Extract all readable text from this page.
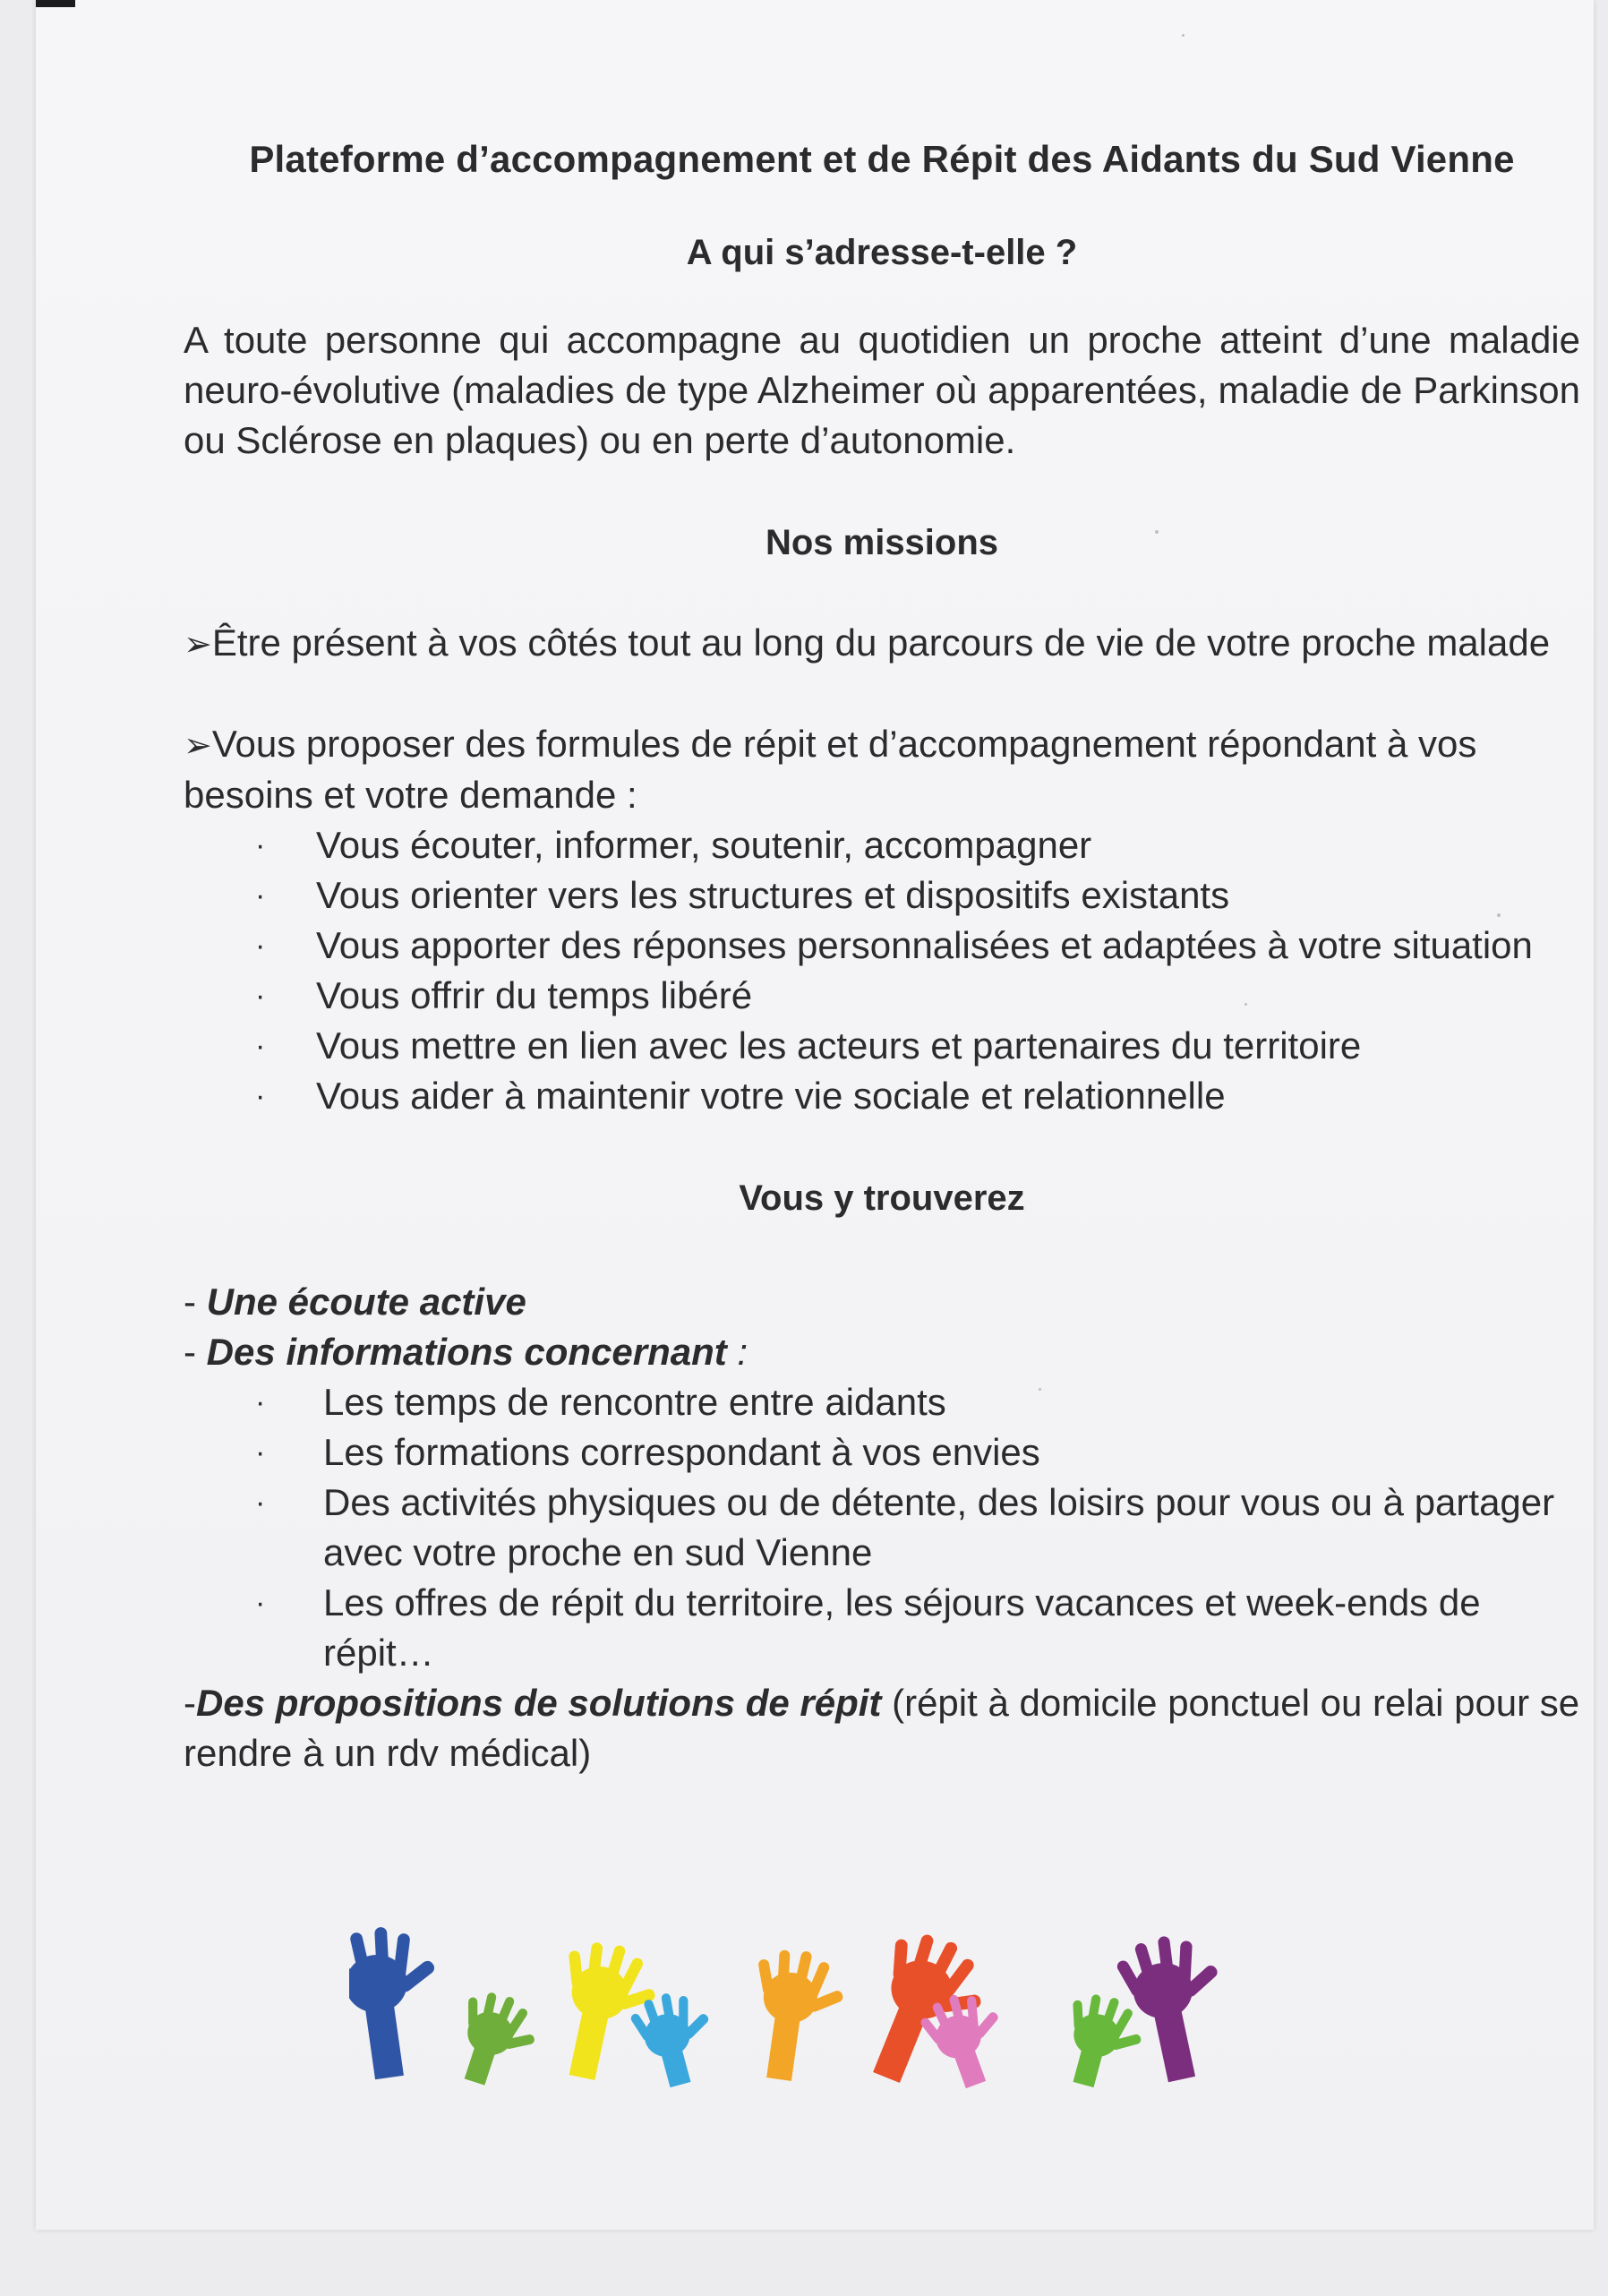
Plateforme d’accompagnement et de Répit des Aidants du Sud Vienne

A qui s’adresse-t-elle ?

A toute personne qui accompagne au quotidien un proche atteint d’une maladie neuro-évolutive (maladies de type Alzheimer où apparentées, maladie de Parkinson ou Sclérose en plaques) ou en perte d’autonomie.

Nos missions

➢Être présent à vos côtés tout au long du parcours de vie de votre proche malade

➢Vous proposer des formules de répit et d’accompagnement répondant à vos besoins et votre demande :

· Vous écouter, informer, soutenir, accompagner
· Vous orienter vers les structures et dispositifs existants
· Vous apporter des réponses personnalisées et adaptées à votre situation
· Vous offrir du temps libéré
· Vous mettre en lien avec les acteurs et partenaires du territoire
· Vous aider à maintenir votre vie sociale et relationnelle

Vous y trouverez

- Une écoute active

- Des informations concernant :

· Les temps de rencontre entre aidants
· Les formations correspondant à vos envies
· Des activités physiques ou de détente, des loisirs pour vous ou à partager avec votre proche en sud Vienne
· Les offres de répit du territoire, les séjours vacances et week-ends de répit…

-Des propositions de solutions de répit (répit à domicile ponctuel ou relai pour se rendre à un rdv médical)
